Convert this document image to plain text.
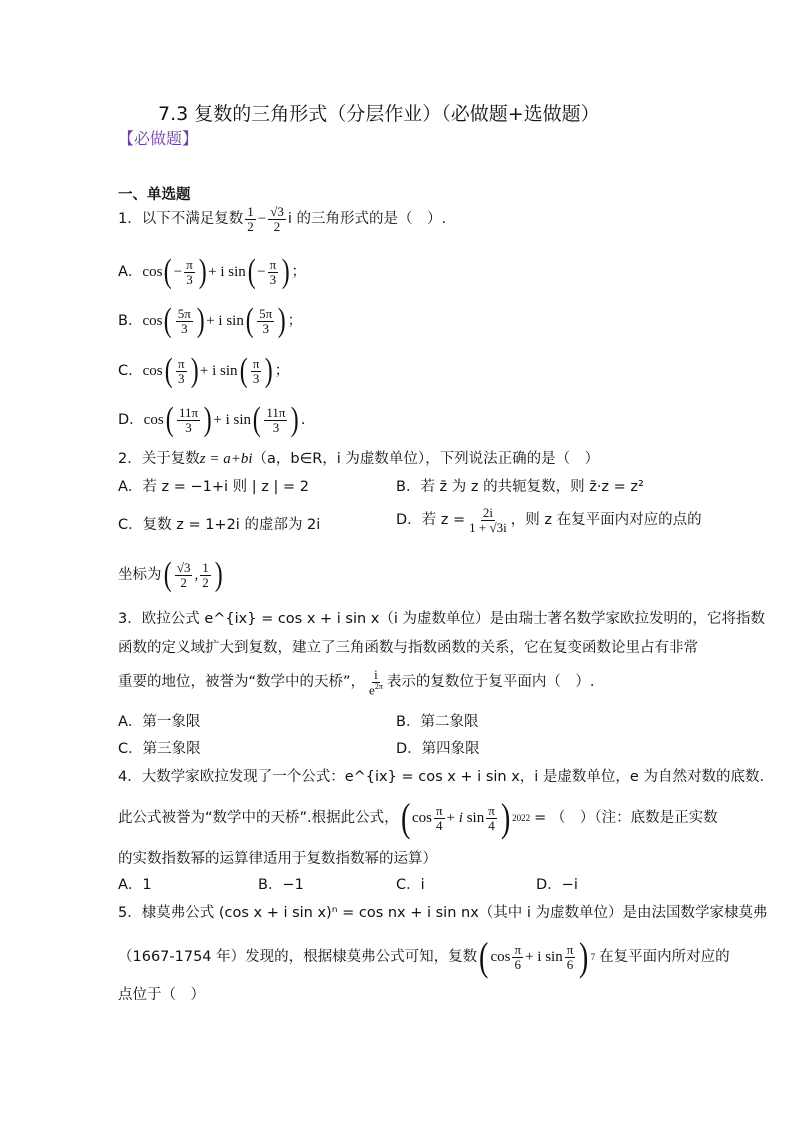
7.3 复数的三角形式（分层作业）（必做题+选做题）
【必做题】
一、单选题
1．以下不满足复数 $\frac{1}{2} - \frac{√3}{2}$ i 的三角形式的是（　）.
A． cos ( − $\frac{\pi}{3}$ ) + i sin ( − $\frac{\pi}{3}$ ) ；
B． cos ( $\frac{5\pi}{3}$ ) + i sin ( $\frac{5\pi}{3}$ ) ；
C． cos ( $\frac{\pi}{3}$ ) + i sin ( $\frac{\pi}{3}$ ) ；
D． cos ( $\frac{11\pi}{3}$ ) + i sin ( $\frac{11\pi}{3}$ ) .
2．关于复数 z = a+bi （a，b∈R，i 为虚数单位），下列说法正确的是（　）
A．若 z = −1+i 则 | z | = 2	B．若 z̄ 为 z 的共轭复数，则 z̄·z = z²
C．复数 z = 1+2i 的虚部为 2i	D．若 $z = \frac{2i}{1 + √3i}$ ，则 z 在复平面内对应的点的
坐标为 ( $\frac{√3}{2}$ , $\frac{1}{2}$ )
3．欧拉公式 e^{ix} = cos x + i sin x（i 为虚数单位）是由瑞士著名数学家欧拉发明的，它将指数
函数的定义域扩大到复数，建立了三角函数与指数函数的关系，它在复变函数论里占有非常
重要的地位，被誉为“数学中的天桥”， $\frac{i}{e^{2\pi}}$ 表示的复数位于复平面内（　）.
A．第一象限	B．第二象限
C．第三象限	D．第四象限
4．大数学家欧拉发现了一个公式：e^{ix} = cos x + i sin x，i 是虚数单位，e 为自然对数的底数.
此公式被誉为“数学中的天桥”.根据此公式， ( $\cos \frac{\pi}{4} + i$ $\sin \frac{\pi}{4}$ ) 2022 = （　）（注：底数是正实数
的实数指数幂的运算律适用于复数指数幂的运算）
A．1	B．−1	C．i	D．−i
5．棣莫弗公式 (cos x + i sin x)ⁿ = cos nx + i sin nx（其中 i 为虚数单位）是由法国数学家棣莫弗
（1667-1754 年）发现的，根据棣莫弗公式可知，复数 ( $\cos \frac{\pi}{6} + i$ $\sin \frac{\pi}{6}$ ) 7 在复平面内所对应的
点位于（　）
